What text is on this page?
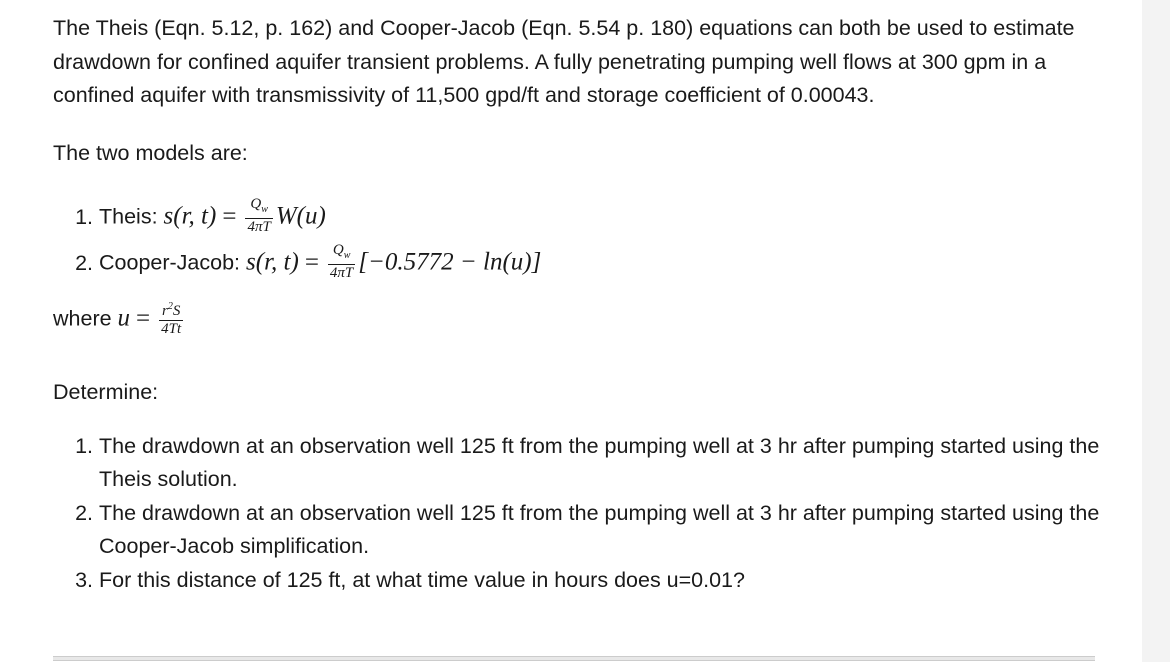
The Theis (Eqn. 5.12, p. 162) and Cooper-Jacob (Eqn. 5.54 p. 180) equations can both be used to estimate drawdown for confined aquifer transient problems. A fully penetrating pumping well flows at 300 gpm in a confined aquifer with transmissivity of 11,500 gpd/ft and storage coefficient of 0.00043.

The two models are:

1. Theis: s(r, $t) = \frac{Q_w}{4\pi T} W(u)$
2. Cooper-Jacob: s(r, $t) = \frac{Q_w}{4\pi T} [-0.5772 - \ln(u)]$

where $u = \frac{r^2S}{4Tt}$

Determine:

1. The drawdown at an observation well 125 ft from the pumping well at 3 hr after pumping started using the Theis solution.
2. The drawdown at an observation well 125 ft from the pumping well at 3 hr after pumping started using the Cooper-Jacob simplification.
3. For this distance of 125 ft, at what time value in hours does u=0.01?
